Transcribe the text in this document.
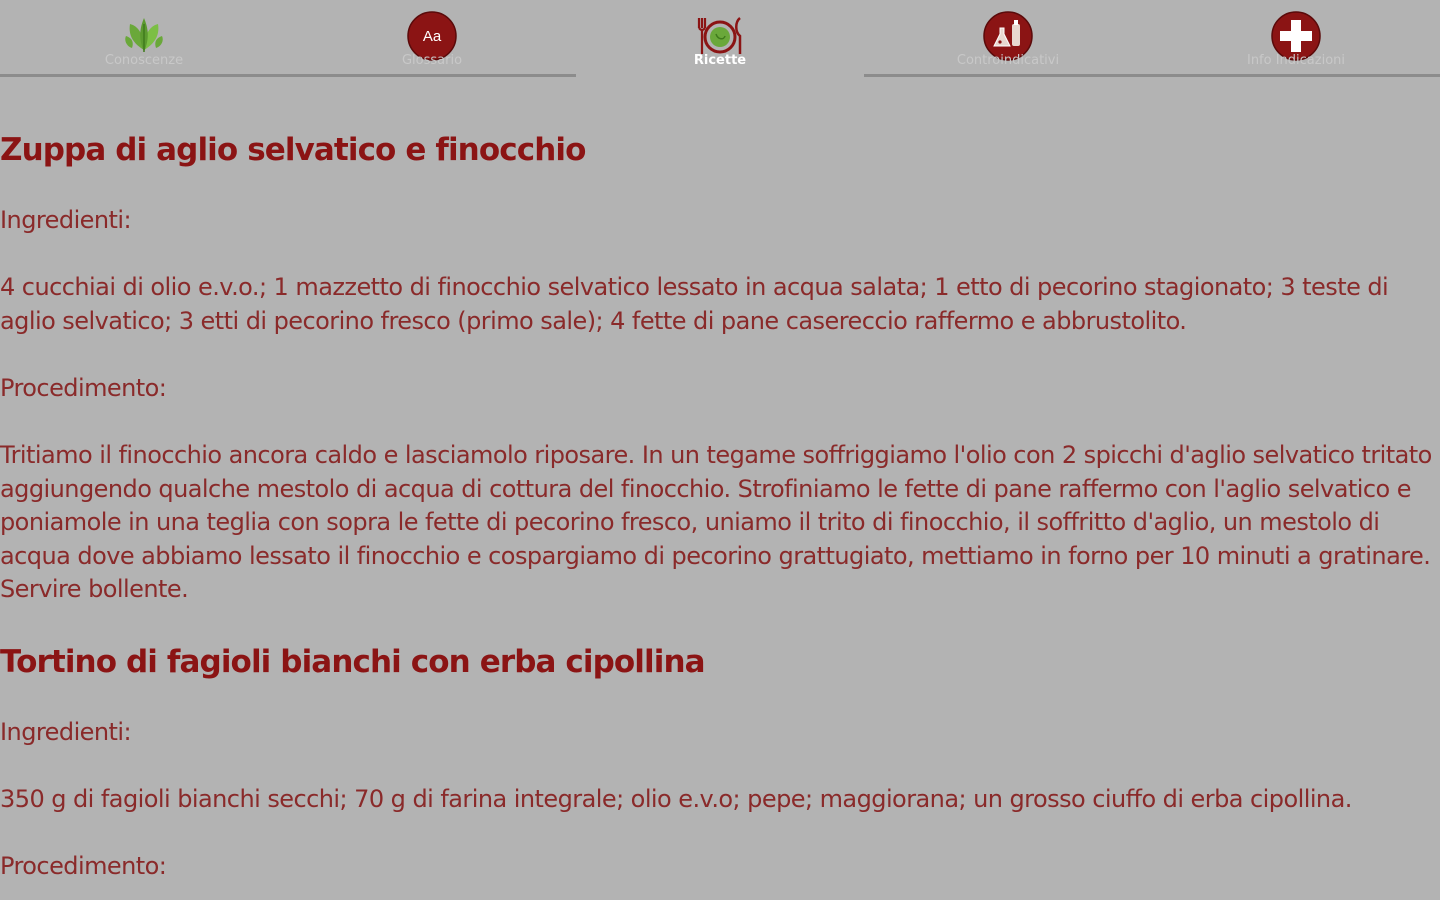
Conoscenze
Aa
Glossario	Ricette	Controindicativi	Info Indicazioni
Zuppa di aglio selvatico e finocchio

Ingredienti:

4 cucchiai di olio e.v.o.; 1 mazzetto di finocchio selvatico lessato in acqua salata; 1 etto di pecorino stagionato; 3 teste di aglio selvatico; 3 etti di pecorino fresco (primo sale); 4 fette di pane casereccio raffermo e abbrustolito.

Procedimento:

Tritiamo il finocchio ancora caldo e lasciamolo riposare. In un tegame soffriggiamo l'olio con 2 spicchi d'aglio selvatico tritato aggiungendo qualche mestolo di acqua di cottura del finocchio. Strofiniamo le fette di pane raffermo con l'aglio selvatico e poniamole in una teglia con sopra le fette di pecorino fresco, uniamo il trito di finocchio, il soffritto d'aglio, un mestolo di acqua dove abbiamo lessato il finocchio e cospargiamo di pecorino grattugiato, mettiamo in forno per 10 minuti a gratinare. Servire bollente.

Tortino di fagioli bianchi con erba cipollina

Ingredienti:

350 g di fagioli bianchi secchi; 70 g di farina integrale; olio e.v.o; pepe; maggiorana; un grosso ciuffo di erba cipollina.

Procedimento:
